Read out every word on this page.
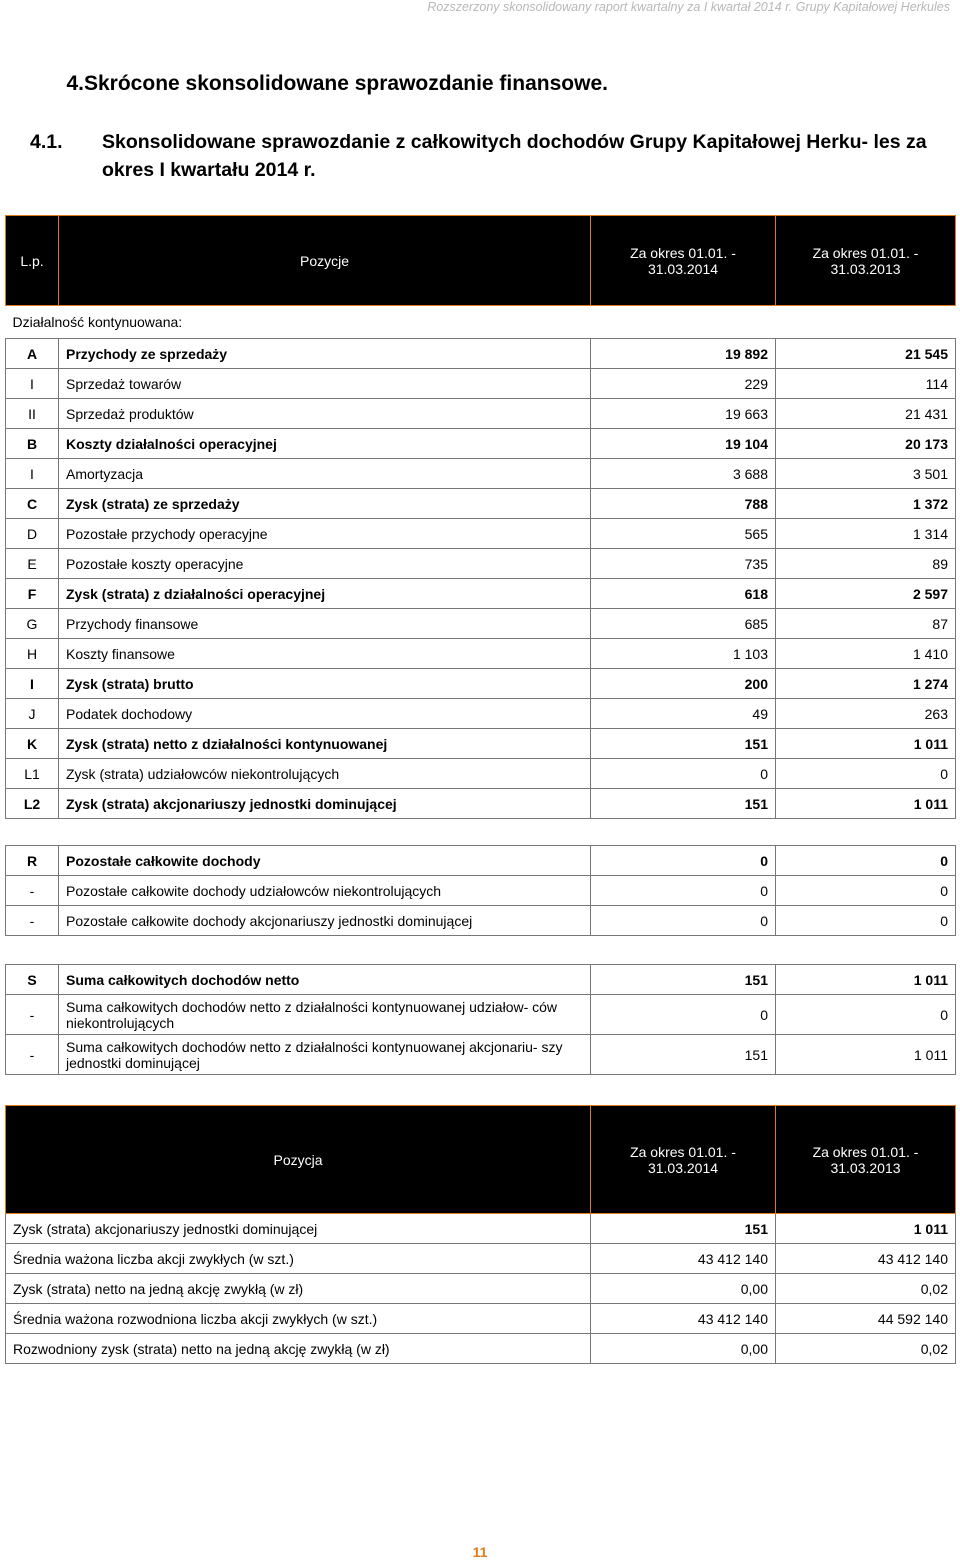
Rozszerzony skonsolidowany raport kwartalny za I kwartał 2014 r. Grupy Kapitałowej Herkules
4.Skrócone skonsolidowane sprawozdanie finansowe.
4.1. Skonsolidowane sprawozdanie z całkowitych dochodów Grupy Kapitałowej Herku- les za okres I kwartału 2014 r.
L.p.	Pozycje	Za okres 01.01. - 31.03.2014	Za okres 01.01. - 31.03.2013
Działalność kontynuowana:			
A	Przychody ze sprzedaży	19 892	21 545
I	Sprzedaż towarów	229	114
II	Sprzedaż produktów	19 663	21 431
B	Koszty działalności operacyjnej	19 104	20 173
I	Amortyzacja	3 688	3 501
C	Zysk (strata) ze sprzedaży	788	1 372
D	Pozostałe przychody operacyjne	565	1 314
E	Pozostałe koszty operacyjne	735	89
F	Zysk (strata) z działalności operacyjnej	618	2 597
G	Przychody finansowe	685	87
H	Koszty finansowe	1 103	1 410
I	Zysk (strata) brutto	200	1 274
J	Podatek dochodowy	49	263
K	Zysk (strata) netto z działalności kontynuowanej	151	1 011
L1	Zysk (strata) udziałowców niekontrolujących	0	0
L2	Zysk (strata) akcjonariuszy jednostki dominującej	151	1 011
R	Pozostałe całkowite dochody	0	0
-	Pozostałe całkowite dochody udziałowców niekontrolujących	0	0
-	Pozostałe całkowite dochody akcjonariuszy jednostki dominującej	0	0
S	Suma całkowitych dochodów netto	151	1 011
-	Suma całkowitych dochodów netto z działalności kontynuowanej udziałow- ców niekontrolujących	0	0
-	Suma całkowitych dochodów netto z działalności kontynuowanej akcjonariu- szy jednostki dominującej	151	1 011
Pozycja	Za okres 01.01. - 31.03.2014	Za okres 01.01. - 31.03.2013
Zysk (strata) akcjonariuszy jednostki dominującej	151	1 011
Średnia ważona liczba akcji zwykłych (w szt.)	43 412 140	43 412 140
Zysk (strata) netto na jedną akcję zwykłą (w zł)	0,00	0,02
Średnia ważona rozwodniona liczba akcji zwykłych (w szt.)	43 412 140	44 592 140
Rozwodniony zysk (strata) netto na jedną akcję zwykłą (w zł)	0,00	0,02
11
